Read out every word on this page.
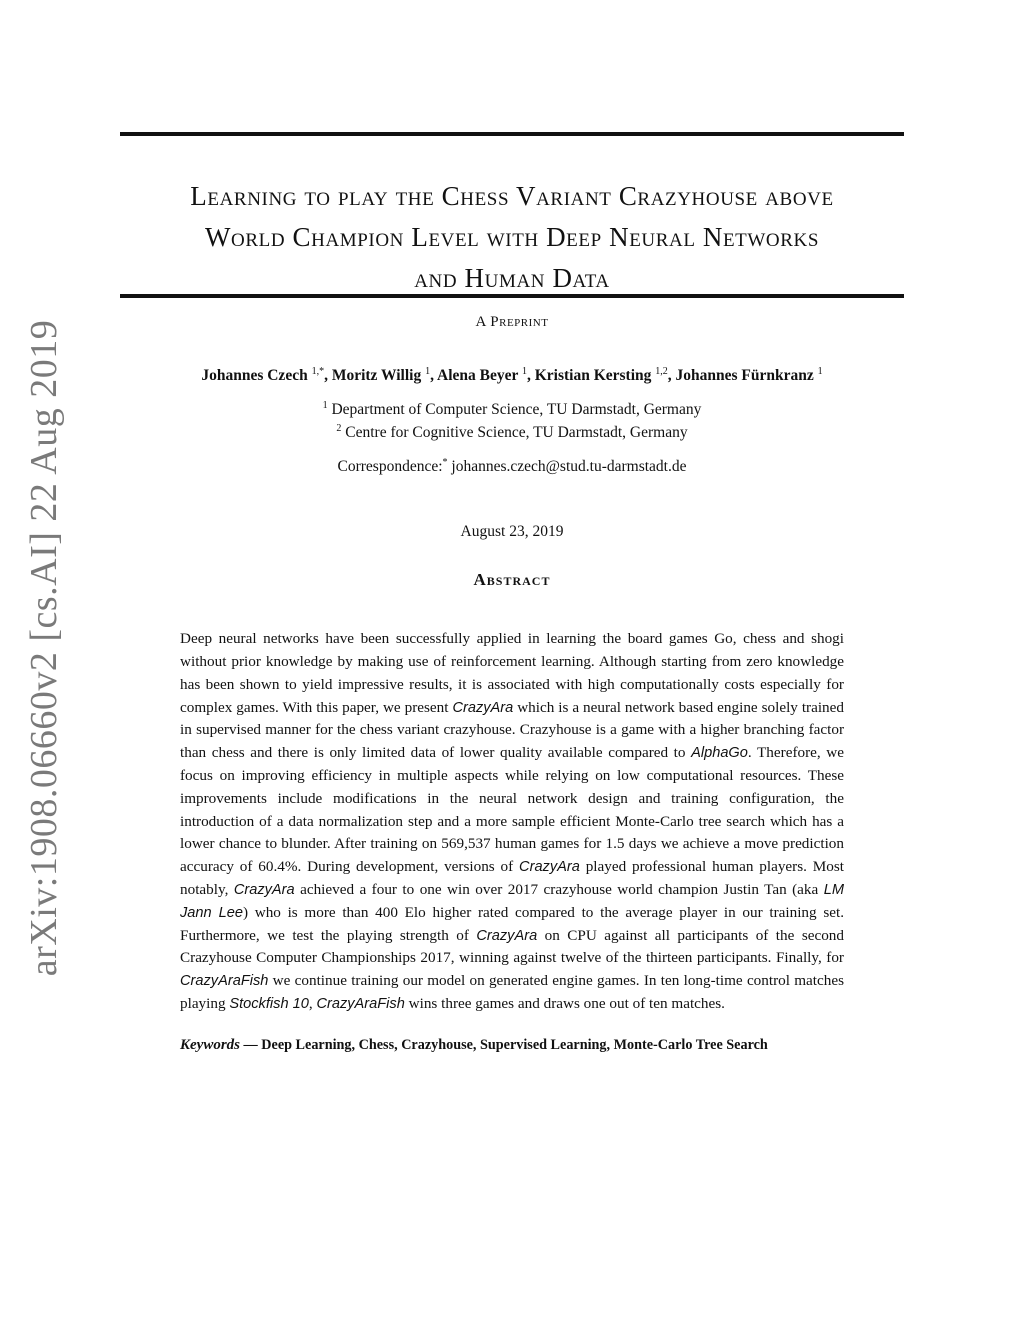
Learning to play the Chess Variant Crazyhouse above
World Champion Level with Deep Neural Networks
and Human Data
A Preprint
Johannes Czech $^{1,*}$, Moritz Willig $^1$, Alena Beyer $^1$, Kristian Kersting $^{1,2}$, Johannes Fürnkranz $^1$
$^1$ Department of Computer Science, TU Darmstadt, Germany
$^2$ Centre for Cognitive Science, TU Darmstadt, Germany
Correspondence:* johannes.czech@stud.tu-darmstadt.de
August 23, 2019
Abstract

Deep neural networks have been successfully applied in learning the board games Go, chess and shogi without prior knowledge by making use of reinforcement learning. Although starting from zero knowledge has been shown to yield impressive results, it is associated with high computationally costs especially for complex games. With this paper, we present CrazyAra which is a neural network based engine solely trained in supervised manner for the chess variant crazyhouse. Crazyhouse is a game with a higher branching factor than chess and there is only limited data of lower quality available compared to AlphaGo. Therefore, we focus on improving efficiency in multiple aspects while relying on low computational resources. These improvements include modifications in the neural network design and training configuration, the introduction of a data normalization step and a more sample efficient Monte-Carlo tree search which has a lower chance to blunder. After training on 569,537 human games for 1.5 days we achieve a move prediction accuracy of 60.4%. During development, versions of CrazyAra played professional human players. Most notably, CrazyAra achieved a four to one win over 2017 crazyhouse world champion Justin Tan (aka LM Jann Lee) who is more than 400 Elo higher rated compared to the average player in our training set. Furthermore, we test the playing strength of CrazyAra on CPU against all participants of the second Crazyhouse Computer Championships 2017, winning against twelve of the thirteen participants. Finally, for CrazyAraFish we continue training our model on generated engine games. In ten long-time control matches playing Stockfish 10, CrazyAraFish wins three games and draws one out of ten matches.

Keywords — Deep Learning, Chess, Crazyhouse, Supervised Learning, Monte-Carlo Tree Search
arXiv:1908.06660v2 [cs.AI] 22 Aug 2019
